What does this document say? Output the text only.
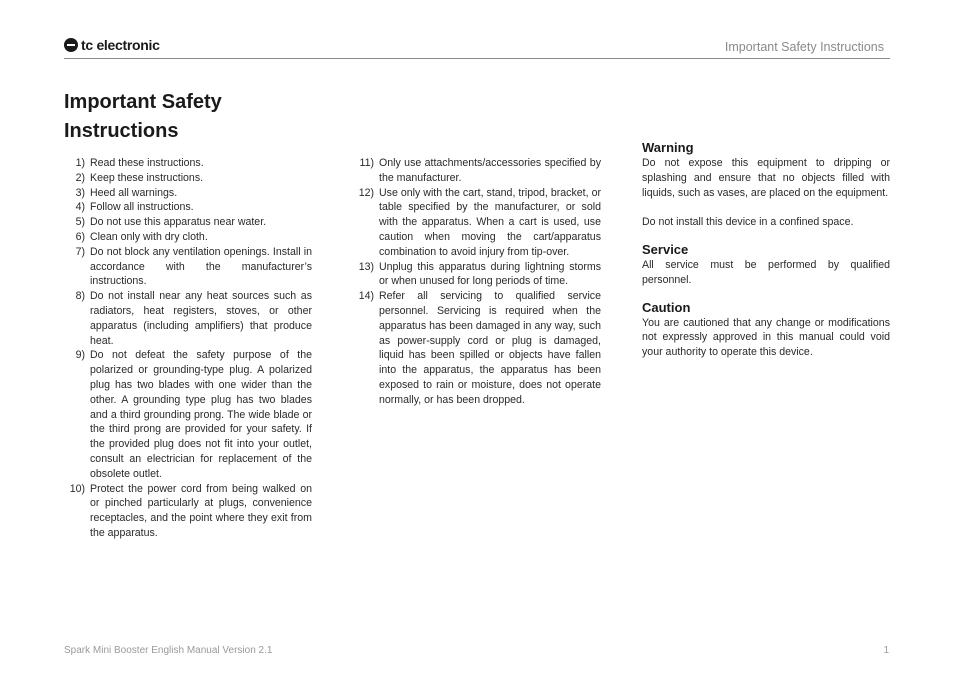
tc electronic	Important Safety Instructions
Important Safety
Instructions
1) Read these instructions.
2) Keep these instructions.
3) Heed all warnings.
4) Follow all instructions.
5) Do not use this apparatus near water.
6) Clean only with dry cloth.
7) Do not block any ventilation openings. Install in accordance with the manufacturer’s instructions.
8) Do not install near any heat sources such as radiators, heat registers, stoves, or other apparatus (including amplifiers) that produce heat.
9) Do not defeat the safety purpose of the polarized or grounding-type plug. A polarized plug has two blades with one wider than the other. A grounding type plug has two blades and a third grounding prong. The wide blade or the third prong are provided for your safety. If the provided plug does not fit into your outlet, consult an electrician for replacement of the obsolete outlet.
10) Protect the power cord from being walked on or pinched particularly at plugs, convenience receptacles, and the point where they exit from the apparatus.
11) Only use attachments/accessories specified by the manufacturer.
12) Use only with the cart, stand, tripod, bracket, or table specified by the manufacturer, or sold with the apparatus. When a cart is used, use caution when moving the cart/apparatus combination to avoid injury from tip-over.
13) Unplug this apparatus during lightning storms or when unused for long periods of time.
14) Refer all servicing to qualified service personnel. Servicing is required when the apparatus has been damaged in any way, such as power-supply cord or plug is damaged, liquid has been spilled or objects have fallen into the apparatus, the apparatus has been exposed to rain or moisture, does not operate normally, or has been dropped.
Warning

Do not expose this equipment to dripping or splashing and ensure that no objects filled with liquids, such as vases, are placed on the equipment.

Do not install this device in a confined space.

Service

All service must be performed by qualified personnel.

Caution

You are cautioned that any change or modifications not expressly approved in this manual could void your authority to operate this device.

Spark Mini Booster English Manual Version 2.1	1
